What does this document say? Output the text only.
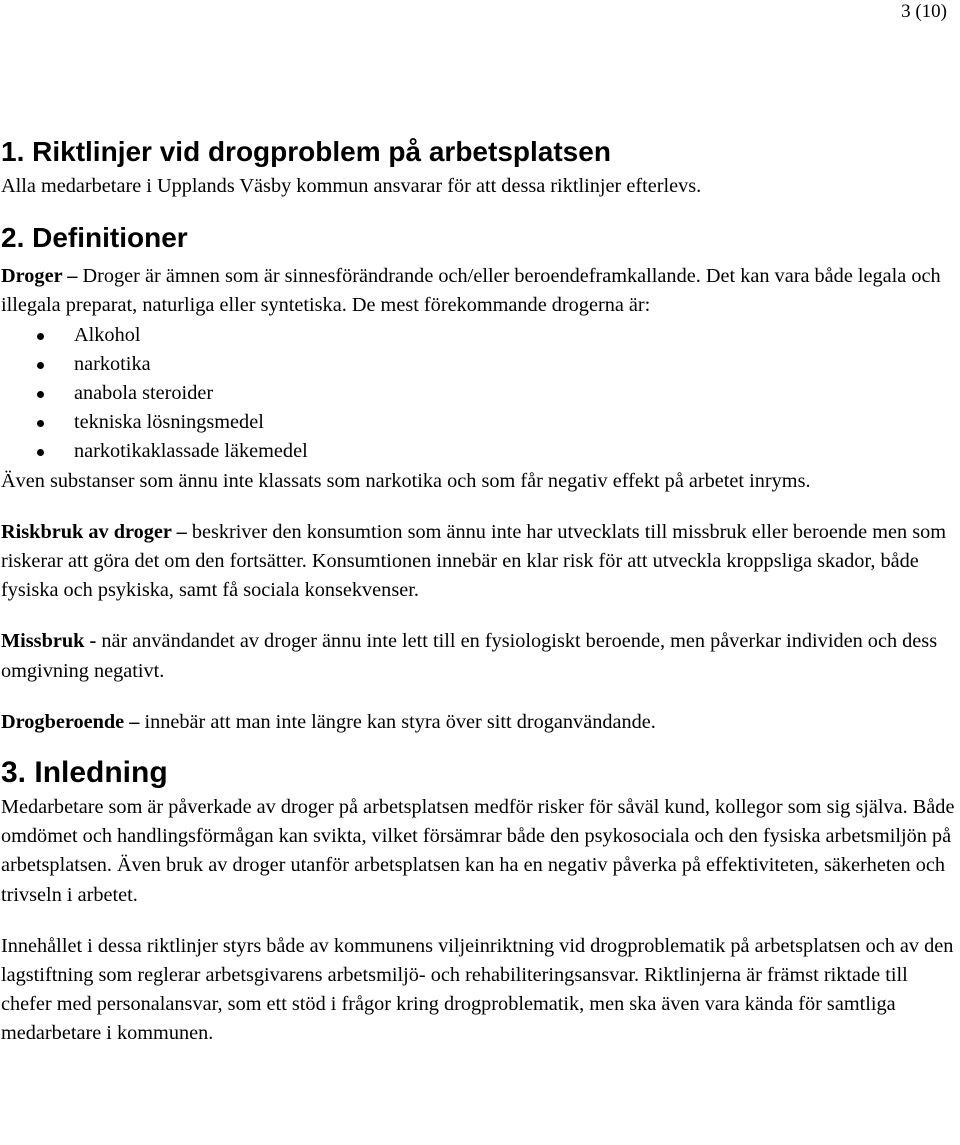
3 (10)
1. Riktlinjer vid drogproblem på arbetsplatsen

Alla medarbetare i Upplands Väsby kommun ansvarar för att dessa riktlinjer efterlevs.

2. Definitioner

Droger – Droger är ämnen som är sinnesförändrande och/eller beroendeframkallande. Det kan vara både legala och illegala preparat, naturliga eller syntetiska. De mest förekommande drogerna är:

Alkohol
narkotika
anabola steroider
tekniska lösningsmedel
narkotikaklassade läkemedel

Även substanser som ännu inte klassats som narkotika och som får negativ effekt på arbetet inryms.

Riskbruk av droger – beskriver den konsumtion som ännu inte har utvecklats till missbruk eller beroende men som riskerar att göra det om den fortsätter. Konsumtionen innebär en klar risk för att utveckla kroppsliga skador, både fysiska och psykiska, samt få sociala konsekvenser.

Missbruk - när användandet av droger ännu inte lett till en fysiologiskt beroende, men påverkar individen och dess omgivning negativt.

Drogberoende – innebär att man inte längre kan styra över sitt droganvändande.

3. Inledning

Medarbetare som är påverkade av droger på arbetsplatsen medför risker för såväl kund, kollegor som sig själva. Både omdömet och handlingsförmågan kan svikta, vilket försämrar både den psykosociala och den fysiska arbetsmiljön på arbetsplatsen. Även bruk av droger utanför arbetsplatsen kan ha en negativ påverka på effektiviteten, säkerheten och trivseln i arbetet.

Innehållet i dessa riktlinjer styrs både av kommunens viljeinriktning vid drogproblematik på arbetsplatsen och av den lagstiftning som reglerar arbetsgivarens arbetsmiljö- och rehabiliteringsansvar. Riktlinjerna är främst riktade till chefer med personalansvar, som ett stöd i frågor kring drogproblematik, men ska även vara kända för samtliga medarbetare i kommunen.
